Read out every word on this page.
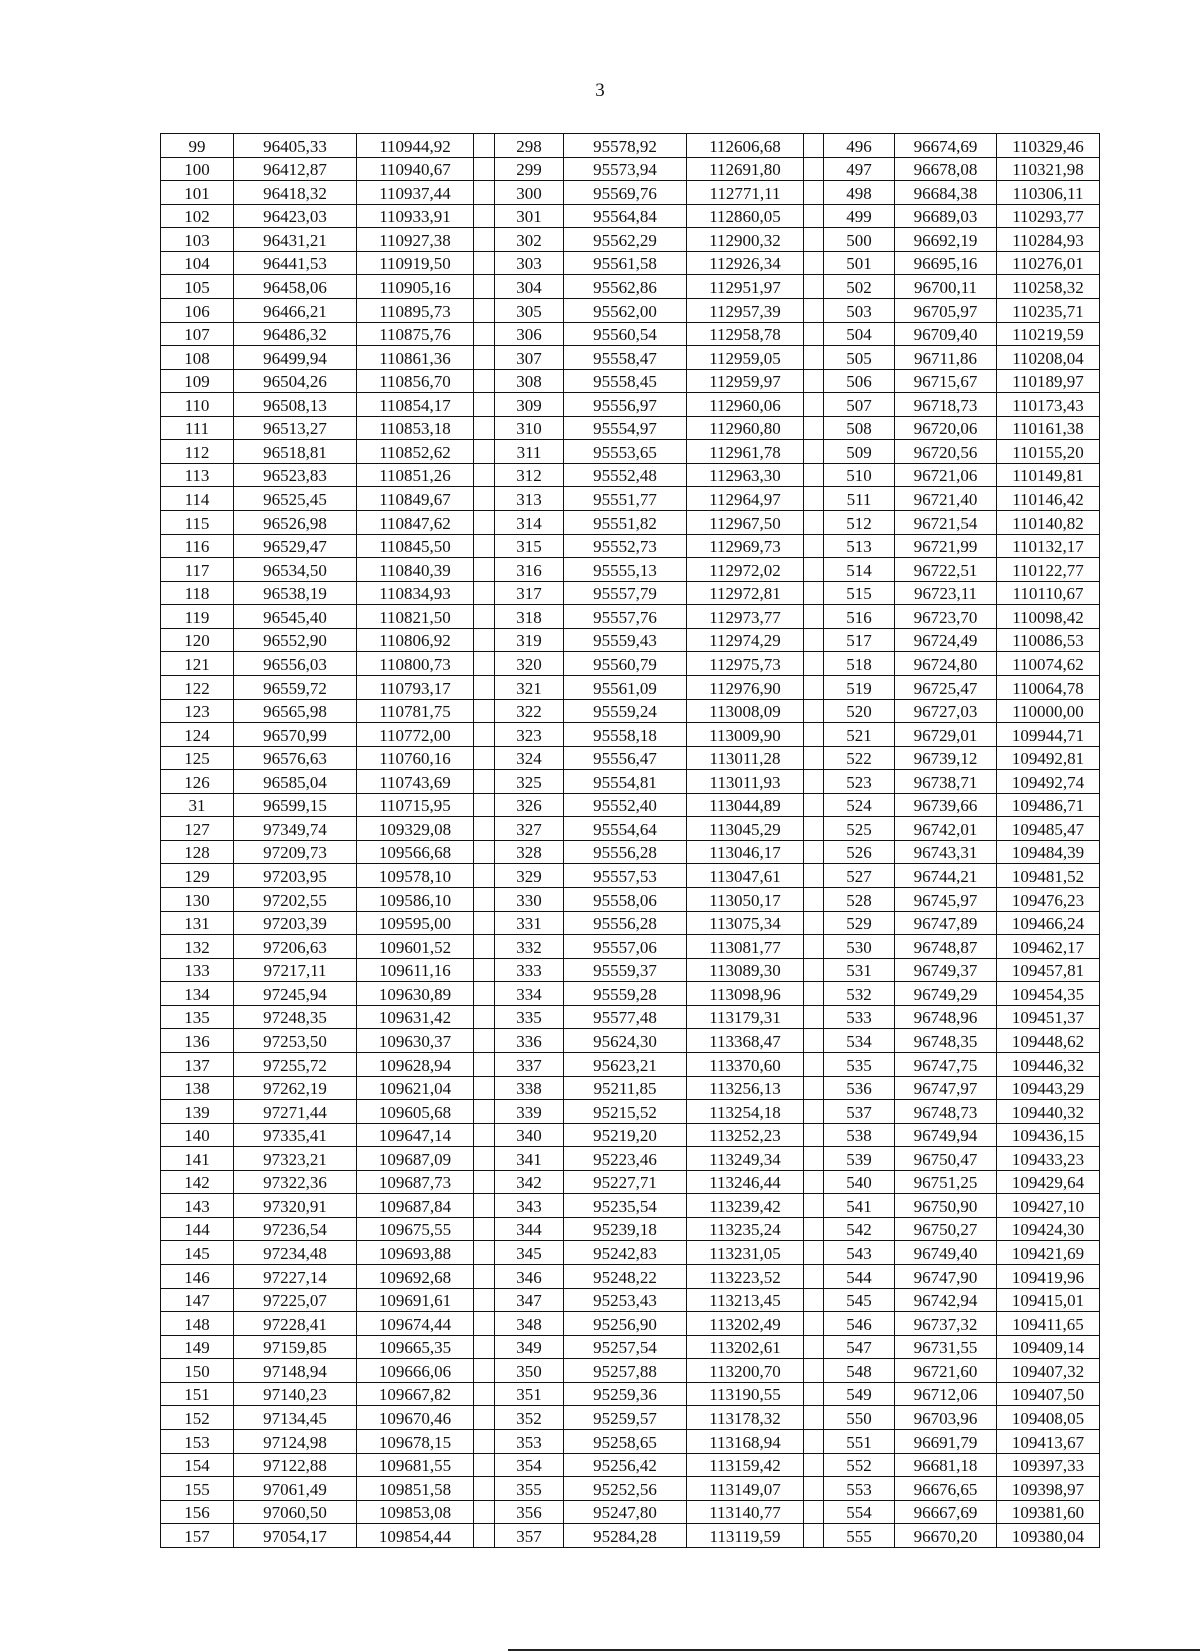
3
99	96405,33	110944,92		298	95578,92	112606,68		496	96674,69	110329,46
100	96412,87	110940,67		299	95573,94	112691,80		497	96678,08	110321,98
101	96418,32	110937,44		300	95569,76	112771,11		498	96684,38	110306,11
102	96423,03	110933,91		301	95564,84	112860,05		499	96689,03	110293,77
103	96431,21	110927,38		302	95562,29	112900,32		500	96692,19	110284,93
104	96441,53	110919,50		303	95561,58	112926,34		501	96695,16	110276,01
105	96458,06	110905,16		304	95562,86	112951,97		502	96700,11	110258,32
106	96466,21	110895,73		305	95562,00	112957,39		503	96705,97	110235,71
107	96486,32	110875,76		306	95560,54	112958,78		504	96709,40	110219,59
108	96499,94	110861,36		307	95558,47	112959,05		505	96711,86	110208,04
109	96504,26	110856,70		308	95558,45	112959,97		506	96715,67	110189,97
110	96508,13	110854,17		309	95556,97	112960,06		507	96718,73	110173,43
111	96513,27	110853,18		310	95554,97	112960,80		508	96720,06	110161,38
112	96518,81	110852,62		311	95553,65	112961,78		509	96720,56	110155,20
113	96523,83	110851,26		312	95552,48	112963,30		510	96721,06	110149,81
114	96525,45	110849,67		313	95551,77	112964,97		511	96721,40	110146,42
115	96526,98	110847,62		314	95551,82	112967,50		512	96721,54	110140,82
116	96529,47	110845,50		315	95552,73	112969,73		513	96721,99	110132,17
117	96534,50	110840,39		316	95555,13	112972,02		514	96722,51	110122,77
118	96538,19	110834,93		317	95557,79	112972,81		515	96723,11	110110,67
119	96545,40	110821,50		318	95557,76	112973,77		516	96723,70	110098,42
120	96552,90	110806,92		319	95559,43	112974,29		517	96724,49	110086,53
121	96556,03	110800,73		320	95560,79	112975,73		518	96724,80	110074,62
122	96559,72	110793,17		321	95561,09	112976,90		519	96725,47	110064,78
123	96565,98	110781,75		322	95559,24	113008,09		520	96727,03	110000,00
124	96570,99	110772,00		323	95558,18	113009,90		521	96729,01	109944,71
125	96576,63	110760,16		324	95556,47	113011,28		522	96739,12	109492,81
126	96585,04	110743,69		325	95554,81	113011,93		523	96738,71	109492,74
31	96599,15	110715,95		326	95552,40	113044,89		524	96739,66	109486,71
127	97349,74	109329,08		327	95554,64	113045,29		525	96742,01	109485,47
128	97209,73	109566,68		328	95556,28	113046,17		526	96743,31	109484,39
129	97203,95	109578,10		329	95557,53	113047,61		527	96744,21	109481,52
130	97202,55	109586,10		330	95558,06	113050,17		528	96745,97	109476,23
131	97203,39	109595,00		331	95556,28	113075,34		529	96747,89	109466,24
132	97206,63	109601,52		332	95557,06	113081,77		530	96748,87	109462,17
133	97217,11	109611,16		333	95559,37	113089,30		531	96749,37	109457,81
134	97245,94	109630,89		334	95559,28	113098,96		532	96749,29	109454,35
135	97248,35	109631,42		335	95577,48	113179,31		533	96748,96	109451,37
136	97253,50	109630,37		336	95624,30	113368,47		534	96748,35	109448,62
137	97255,72	109628,94		337	95623,21	113370,60		535	96747,75	109446,32
138	97262,19	109621,04		338	95211,85	113256,13		536	96747,97	109443,29
139	97271,44	109605,68		339	95215,52	113254,18		537	96748,73	109440,32
140	97335,41	109647,14		340	95219,20	113252,23		538	96749,94	109436,15
141	97323,21	109687,09		341	95223,46	113249,34		539	96750,47	109433,23
142	97322,36	109687,73		342	95227,71	113246,44		540	96751,25	109429,64
143	97320,91	109687,84		343	95235,54	113239,42		541	96750,90	109427,10
144	97236,54	109675,55		344	95239,18	113235,24		542	96750,27	109424,30
145	97234,48	109693,88		345	95242,83	113231,05		543	96749,40	109421,69
146	97227,14	109692,68		346	95248,22	113223,52		544	96747,90	109419,96
147	97225,07	109691,61		347	95253,43	113213,45		545	96742,94	109415,01
148	97228,41	109674,44		348	95256,90	113202,49		546	96737,32	109411,65
149	97159,85	109665,35		349	95257,54	113202,61		547	96731,55	109409,14
150	97148,94	109666,06		350	95257,88	113200,70		548	96721,60	109407,32
151	97140,23	109667,82		351	95259,36	113190,55		549	96712,06	109407,50
152	97134,45	109670,46		352	95259,57	113178,32		550	96703,96	109408,05
153	97124,98	109678,15		353	95258,65	113168,94		551	96691,79	109413,67
154	97122,88	109681,55		354	95256,42	113159,42		552	96681,18	109397,33
155	97061,49	109851,58		355	95252,56	113149,07		553	96676,65	109398,97
156	97060,50	109853,08		356	95247,80	113140,77		554	96667,69	109381,60
157	97054,17	109854,44		357	95284,28	113119,59		555	96670,20	109380,04
